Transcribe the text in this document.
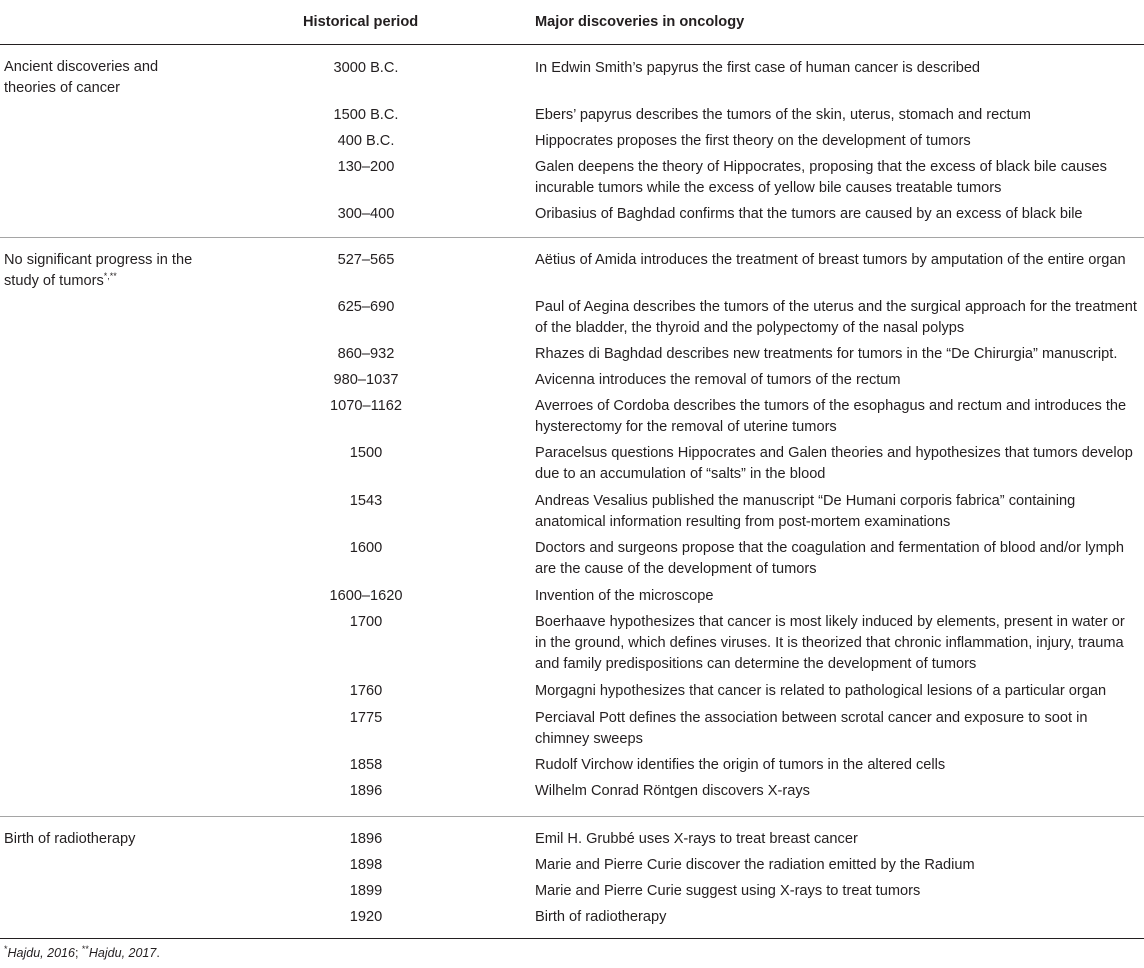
Historical period	Major discoveries in oncology
Ancient discoveries and theories of cancer
3000 B.C.	In Edwin Smith’s papyrus the first case of human cancer is described
1500 B.C.	Ebers’ papyrus describes the tumors of the skin, uterus, stomach and rectum
400 B.C.	Hippocrates proposes the first theory on the development of tumors
130–200	Galen deepens the theory of Hippocrates, proposing that the excess of black bile causes incurable tumors while the excess of yellow bile causes treatable tumors
300–400	Oribasius of Baghdad confirms that the tumors are caused by an excess of black bile
No significant progress in the study of tumors*,**
527–565	Aëtius of Amida introduces the treatment of breast tumors by amputation of the entire organ
625–690	Paul of Aegina describes the tumors of the uterus and the surgical approach for the treatment of the bladder, the thyroid and the polypectomy of the nasal polyps
860–932	Rhazes di Baghdad describes new treatments for tumors in the “De Chirurgia” manuscript.
980–1037	Avicenna introduces the removal of tumors of the rectum
1070–1162	Averroes of Cordoba describes the tumors of the esophagus and rectum and introduces the hysterectomy for the removal of uterine tumors
1500	Paracelsus questions Hippocrates and Galen theories and hypothesizes that tumors develop due to an accumulation of “salts” in the blood
1543	Andreas Vesalius published the manuscript “De Humani corporis fabrica” containing anatomical information resulting from post-mortem examinations
1600	Doctors and surgeons propose that the coagulation and fermentation of blood and/or lymph are the cause of the development of tumors
1600–1620	Invention of the microscope
1700	Boerhaave hypothesizes that cancer is most likely induced by elements, present in water or in the ground, which defines viruses. It is theorized that chronic inflammation, injury, trauma and family predispositions can determine the development of tumors
1760	Morgagni hypothesizes that cancer is related to pathological lesions of a particular organ
1775	Perciaval Pott defines the association between scrotal cancer and exposure to soot in chimney sweeps
1858	Rudolf Virchow identifies the origin of tumors in the altered cells
1896	Wilhelm Conrad Röntgen discovers X-rays
Birth of radiotherapy	1896	Emil H. Grubbé uses X-rays to treat breast cancer
1898	Marie and Pierre Curie discover the radiation emitted by the Radium
1899	Marie and Pierre Curie suggest using X-rays to treat tumors
1920	Birth of radiotherapy
*Hajdu, 2016; **Hajdu, 2017.
